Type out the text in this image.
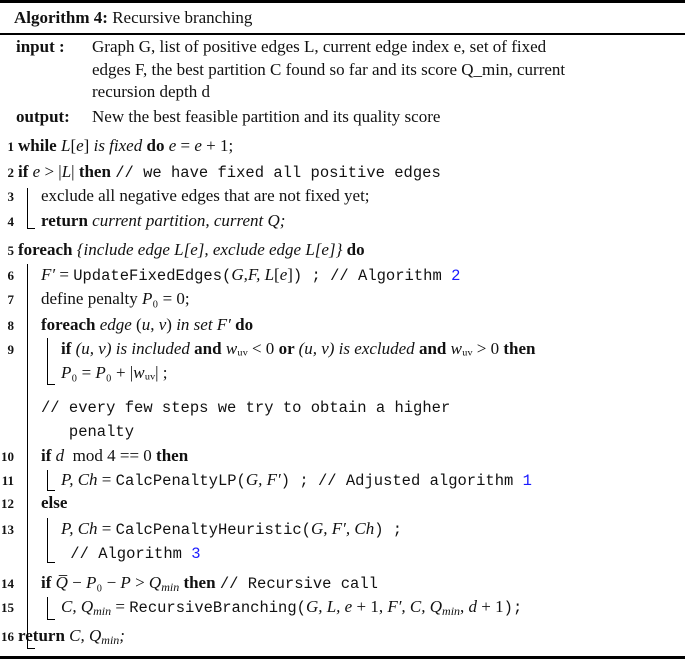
Algorithm 4: Recursive branching
input : Graph G, list of positive edges L, current edge index e, set of fixed
edges F, the best partition C found so far and its score Q_min, current
recursion depth d
output: New the best feasible partition and its quality score
1 while L[e] is fixed do e = e + 1;
2 if e > |L| then // we have fixed all positive edges
3 exclude all negative edges that are not fixed yet;
4 return current partition, current Q;
5 foreach {include edge L[e], exclude edge L[e]} do
6 F′ = UpdateFixedEdges(G,F, L[e]) ; // Algorithm 2
7 define penalty P₀ = 0;
8 foreach edge (u, v) in set F′ do
9	if (u, v) is included and wᵤᵥ < 0 or (u, v) is excluded and wᵤᵥ > 0 then
P₀ = P₀ + |wᵤᵥ| ;
// every few steps we try to obtain a higher
penalty
10 if d  mod 4 == 0 then
11	P, Ch = CalcPenaltyLP(G, F′) ; // Adjusted algorithm 1
12 else
13	P, Ch = CalcPenaltyHeuristic(G, F′, Ch) ;
// Algorithm 3
14 if Q̅ − P₀ − P > Qmin then // Recursive call
15	C, Qmin = RecursiveBranching(G, L, e + 1, F′, C, Qmin, d + 1);
16 return C, Qmin;
